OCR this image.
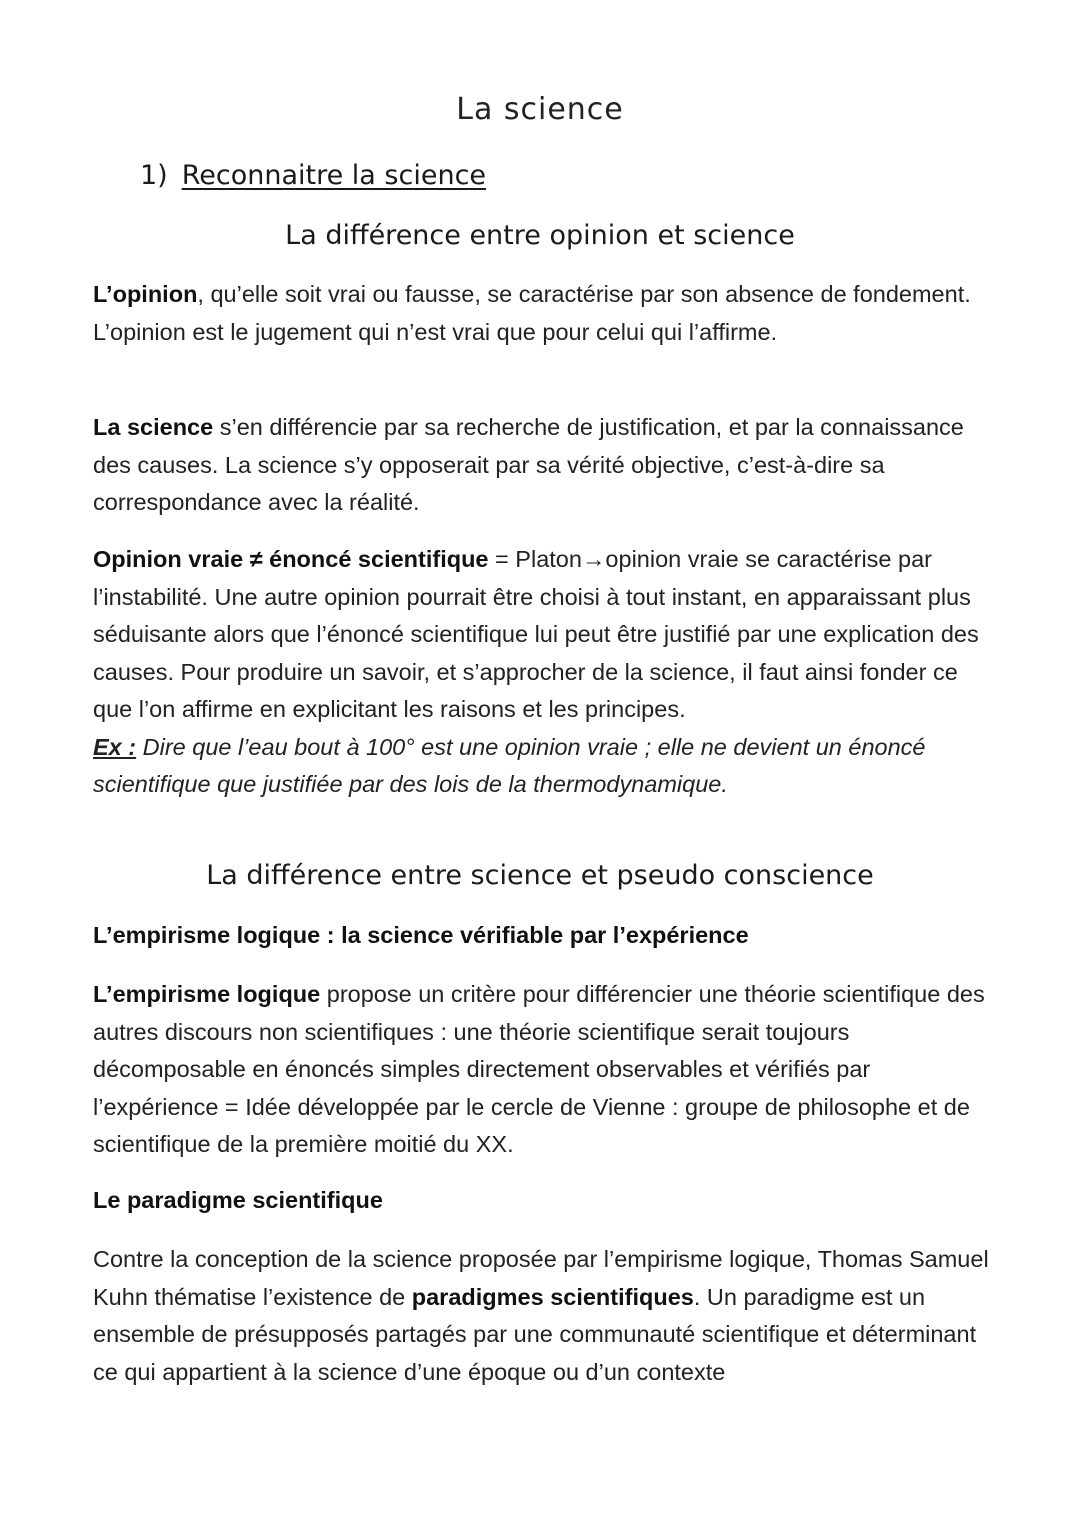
La science
1) Reconnaitre la science
La différence entre opinion et science

L’opinion, qu’elle soit vrai ou fausse, se caractérise par son absence de fondement. L’opinion est le jugement qui n’est vrai que pour celui qui l’affirme.

La science s’en différencie par sa recherche de justification, et par la connaissance des causes. La science s’y opposerait par sa vérité objective, c’est-à-dire sa correspondance avec la réalité.

Opinion vraie ≠ énoncé scientifique = Platon→opinion vraie se caractérise par l’instabilité. Une autre opinion pourrait être choisi à tout instant, en apparaissant plus séduisante alors que l’énoncé scientifique lui peut être justifié par une explication des causes. Pour produire un savoir, et s’approcher de la science, il faut ainsi fonder ce que l’on affirme en explicitant les raisons et les principes.
Ex : Dire que l’eau bout à 100° est une opinion vraie ; elle ne devient un énoncé scientifique que justifiée par des lois de la thermodynamique.

La différence entre science et pseudo conscience
L’empirisme logique : la science vérifiable par l’expérience

L’empirisme logique propose un critère pour différencier une théorie scientifique des autres discours non scientifiques : une théorie scientifique serait toujours décomposable en énoncés simples directement observables et vérifiés par l’expérience = Idée développée par le cercle de Vienne : groupe de philosophe et de scientifique de la première moitié du XX.

Le paradigme scientifique

Contre la conception de la science proposée par l’empirisme logique, Thomas Samuel Kuhn thématise l’existence de paradigmes scientifiques. Un paradigme est un ensemble de présupposés partagés par une communauté scientifique et déterminant ce qui appartient à la science d’une époque ou d’un contexte
